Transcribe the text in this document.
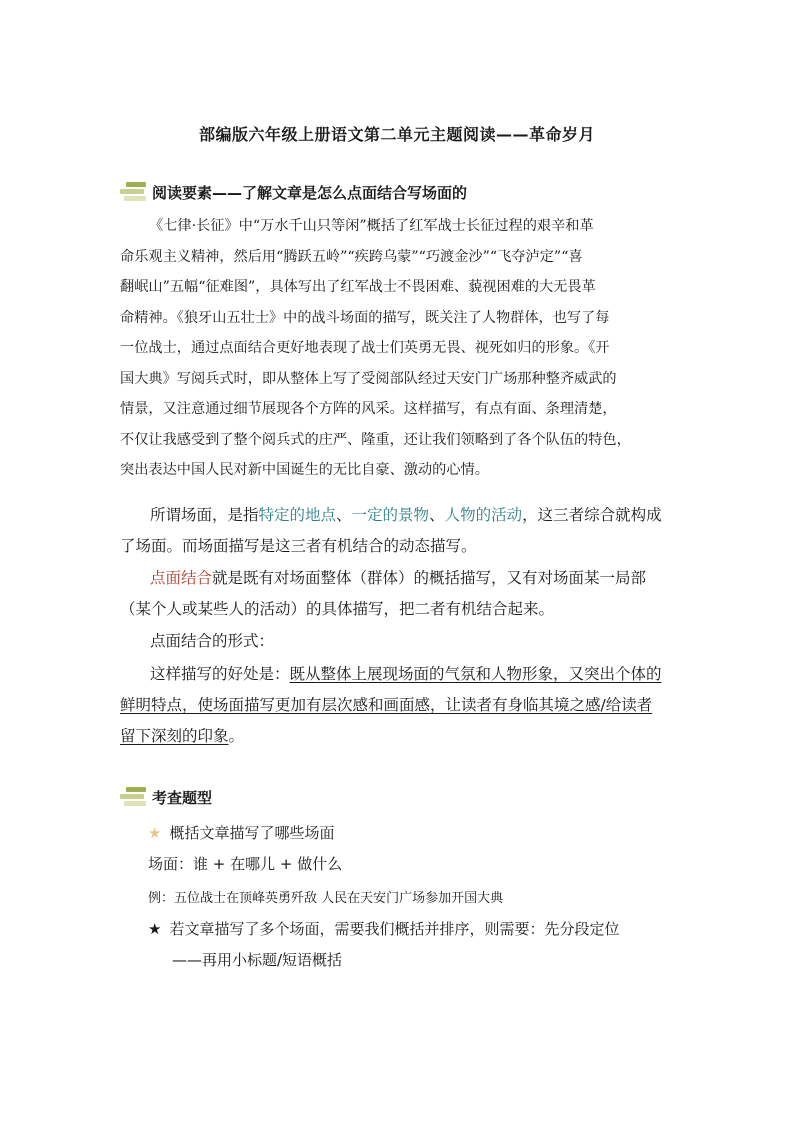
部编版六年级上册语文第二单元主题阅读——革命岁月
阅读要素——了解文章是怎么点面结合写场面的
《七律·长征》中“万水千山只等闲”概括了红军战士长征过程的艰辛和革
命乐观主义精神，然后用“腾跃五岭”“疾跨乌蒙”“巧渡金沙”“飞夺泸定”“喜
翻岷山”五幅“征难图”，具体写出了红军战士不畏困难、藐视困难的大无畏革
命精神。《狼牙山五壮士》中的战斗场面的描写，既关注了人物群体，也写了每
一位战士，通过点面结合更好地表现了战士们英勇无畏、视死如归的形象。《开
国大典》写阅兵式时，即从整体上写了受阅部队经过天安门广场那种整齐威武的
情景，又注意通过细节展现各个方阵的风采。这样描写，有点有面、条理清楚，
不仅让我感受到了整个阅兵式的庄严、隆重，还让我们领略到了各个队伍的特色，
突出表达中国人民对新中国诞生的无比自豪、激动的心情。
所谓场面，是指特定的地点、一定的景物、人物的活动，这三者综合就构成
了场面。而场面描写是这三者有机结合的动态描写。
点面结合就是既有对场面整体（群体）的概括描写，又有对场面某一局部
（某个人或某些人的活动）的具体描写，把二者有机结合起来。
点面结合的形式：
这样描写的好处是：既从整体上展现场面的气氛和人物形象，又突出个体的
鲜明特点，使场面描写更加有层次感和画面感，让读者有身临其境之感/给读者
留下深刻的印象。
考查题型
★ 概括文章描写了哪些场面
场面：谁 + 在哪儿 + 做什么
例：五位战士在顶峰英勇歼敌 人民在天安门广场参加开国大典
★ 若文章描写了多个场面，需要我们概括并排序，则需要：先分段定位
——再用小标题/短语概括
